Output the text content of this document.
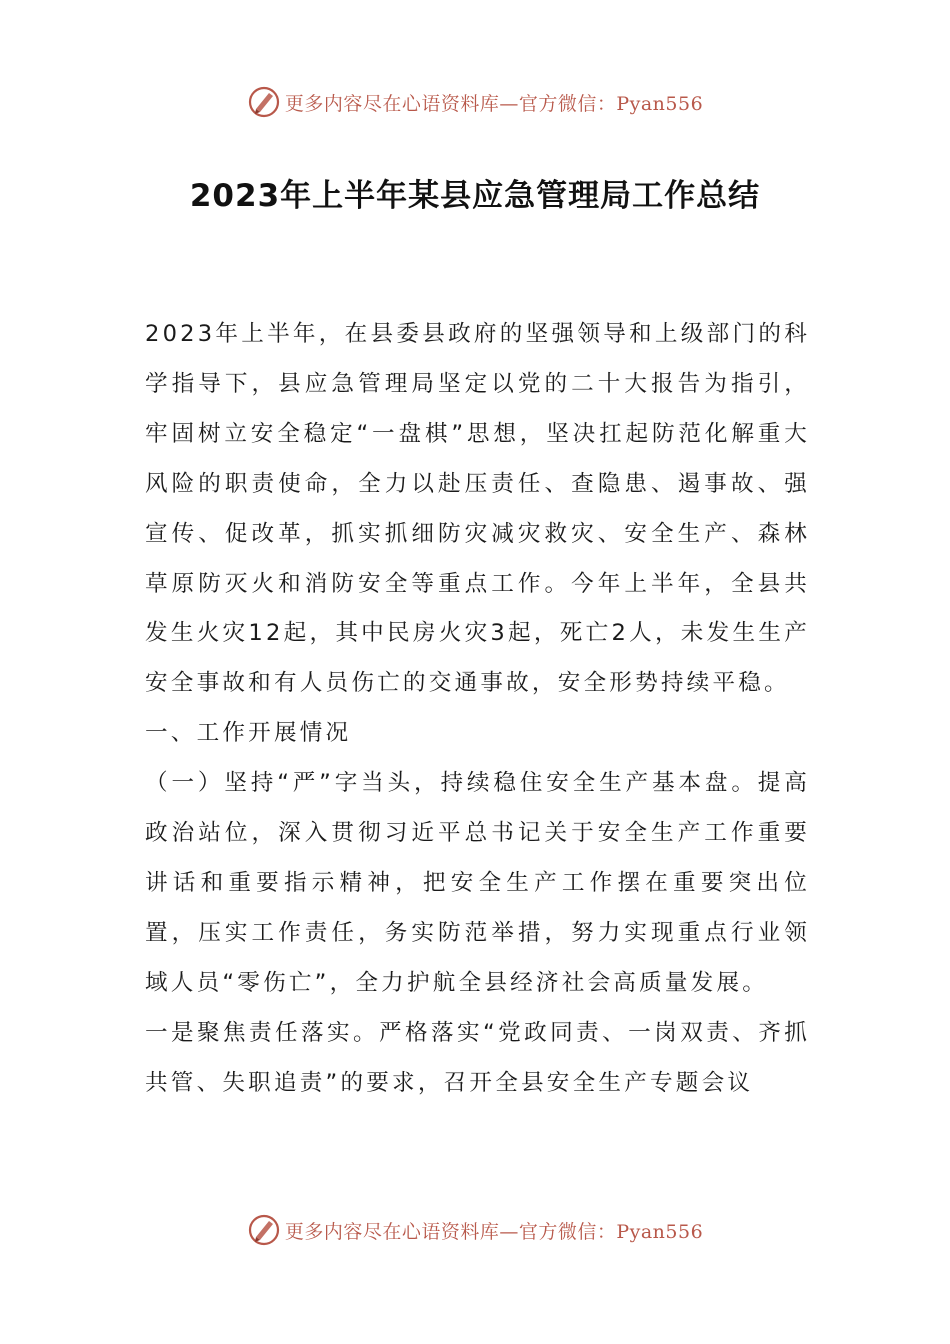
更多内容尽在心语资料库—官方微信：Pyan556
2023年上半年某县应急管理局工作总结

2023年上半年，在县委县政府的坚强领导和上级部门的科学指导下，县应急管理局坚定以党的二十大报告为指引，牢固树立安全稳定“一盘棋”思想，坚决扛起防范化解重大风险的职责使命，全力以赴压责任、查隐患、遏事故、强宣传、促改革，抓实抓细防灾减灾救灾、安全生产、森林草原防灭火和消防安全等重点工作。今年上半年，全县共发生火灾12起，其中民房火灾3起，死亡2人，未发生生产安全事故和有人员伤亡的交通事故，安全形势持续平稳。

一、工作开展情况

（一）坚持“严”字当头，持续稳住安全生产基本盘。提高政治站位，深入贯彻习近平总书记关于安全生产工作重要讲话和重要指示精神，把安全生产工作摆在重要突出位置，压实工作责任，务实防范举措，努力实现重点行业领域人员“零伤亡”，全力护航全县经济社会高质量发展。

一是聚焦责任落实。严格落实“党政同责、一岗双责、齐抓共管、失职追责”的要求，召开全县安全生产专题会议

更多内容尽在心语资料库—官方微信：Pyan556
